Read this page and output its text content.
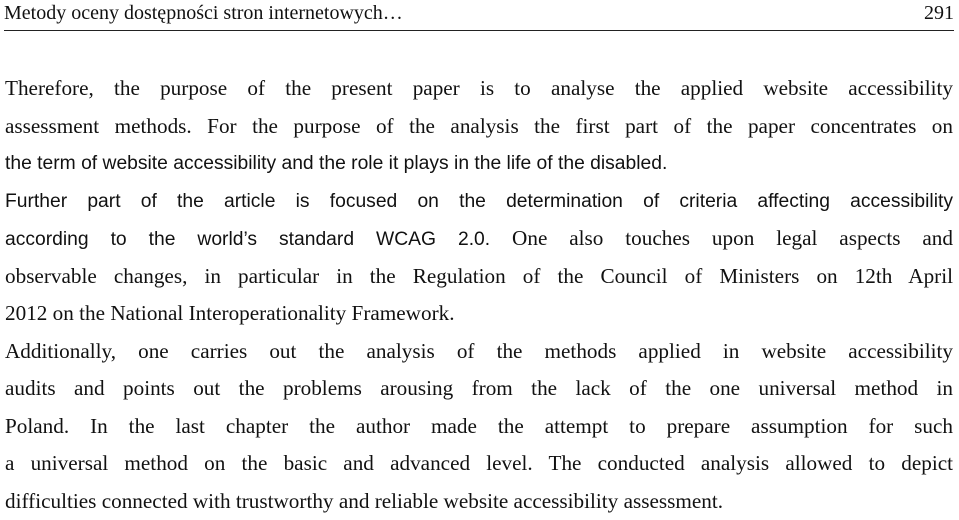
Metody oceny dostępności stron internetowych…	291
Therefore, the purpose of the present paper is to analyse the applied website accessibility
assessment methods. For the purpose of the analysis the first part of the paper concentrates on
the term of website accessibility and the role it plays in the life of the disabled.
Further part of the article is focused on the determination of criteria affecting accessibility
according to the world’s standard WCAG 2.0. One also touches upon legal aspects and
observable changes, in particular in the Regulation of the Council of Ministers on 12th April
2012 on the National Interoperationality Framework.
Additionally, one carries out the analysis of the methods applied in website accessibility
audits and points out the problems arousing from the lack of the one universal method in
Poland. In the last chapter the author made the attempt to prepare assumption for such
a universal method on the basic and advanced level. The conducted analysis allowed to depict
difficulties connected with trustworthy and reliable website accessibility assessment.
